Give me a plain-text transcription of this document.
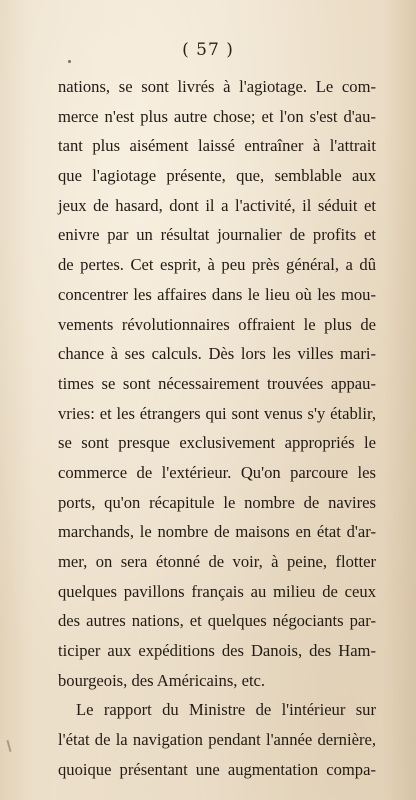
( 57 )
nations, se sont livrés à l'agiotage. Le com-
merce n'est plus autre chose; et l'on s'est d'au-
tant plus aisément laissé entraîner à l'attrait
que l'agiotage présente, que, semblable aux
jeux de hasard, dont il a l'activité, il séduit et
enivre par un résultat journalier de profits et
de pertes. Cet esprit, à peu près général, a dû
concentrer les affaires dans le lieu où les mou-
vements révolutionnaires offraient le plus de
chance à ses calculs. Dès lors les villes mari-
times se sont nécessairement trouvées appau-
vries: et les étrangers qui sont venus s'y établir,
se sont presque exclusivement appropriés le
commerce de l'extérieur. Qu'on parcoure les
ports, qu'on récapitule le nombre de navires
marchands, le nombre de maisons en état d'ar-
mer, on sera étonné de voir, à peine, flotter
quelques pavillons français au milieu de ceux
des autres nations, et quelques négociants par-
ticiper aux expéditions des Danois, des Ham-
bourgeois, des Américains, etc.
Le rapport du Ministre de l'intérieur sur
l'état de la navigation pendant l'année dernière,
quoique présentant une augmentation compa-
